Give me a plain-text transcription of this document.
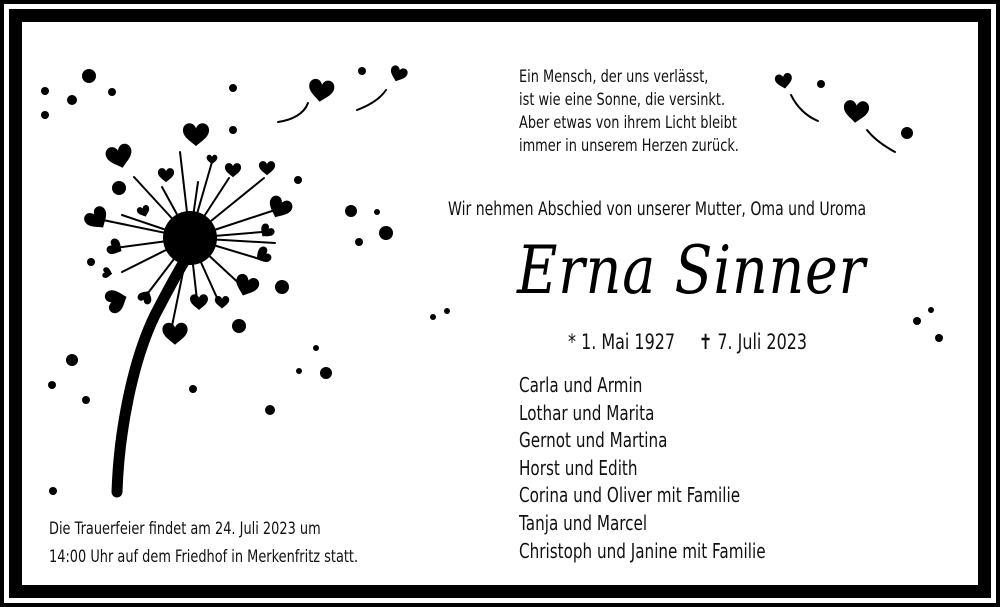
Ein Mensch, der uns verlässt,
ist wie eine Sonne, die versinkt.
Aber etwas von ihrem Licht bleibt
immer in unserem Herzen zurück.
Wir nehmen Abschied von unserer Mutter, Oma und Uroma
Erna Sinner
* 1. Mai 1927 ✝ 7. Juli 2023
Carla und Armin
Lothar und Marita
Gernot und Martina
Horst und Edith
Corina und Oliver mit Familie
Tanja und Marcel
Christoph und Janine mit Familie
Die Trauerfeier findet am 24. Juli 2023 um
14:00 Uhr auf dem Friedhof in Merkenfritz statt.
